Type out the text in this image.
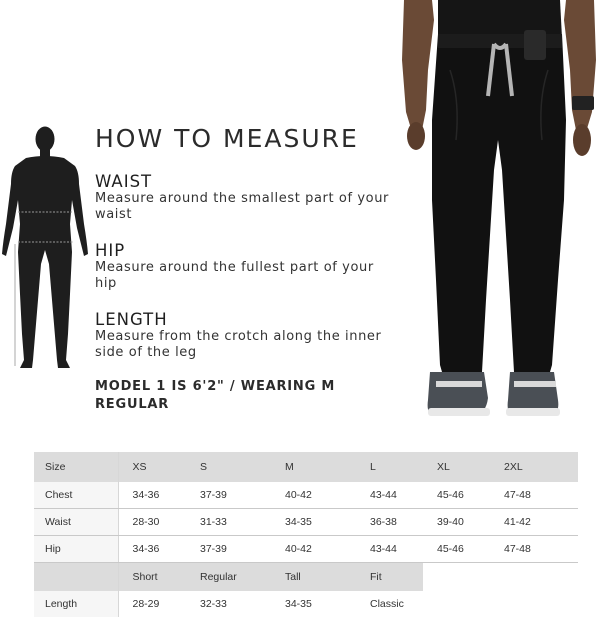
HOW TO MEASURE
WAIST

Measure around the smallest part of your waist

HIP

Measure around the fullest part of your hip

LENGTH

Measure from the crotch along the inner side of the leg

MODEL 1 IS 6'2" / WEARING M REGULAR

Size	XS	S	M	L	XL	2XL
Chest	34-36	37-39	40-42	43-44	45-46	47-48
Waist	28-30	31-33	34-35	36-38	39-40	41-42
Hip	34-36	37-39	40-42	43-44	45-46	47-48
	Short	Regular	Tall	Fit		
Length	28-29	32-33	34-35	Classic		
